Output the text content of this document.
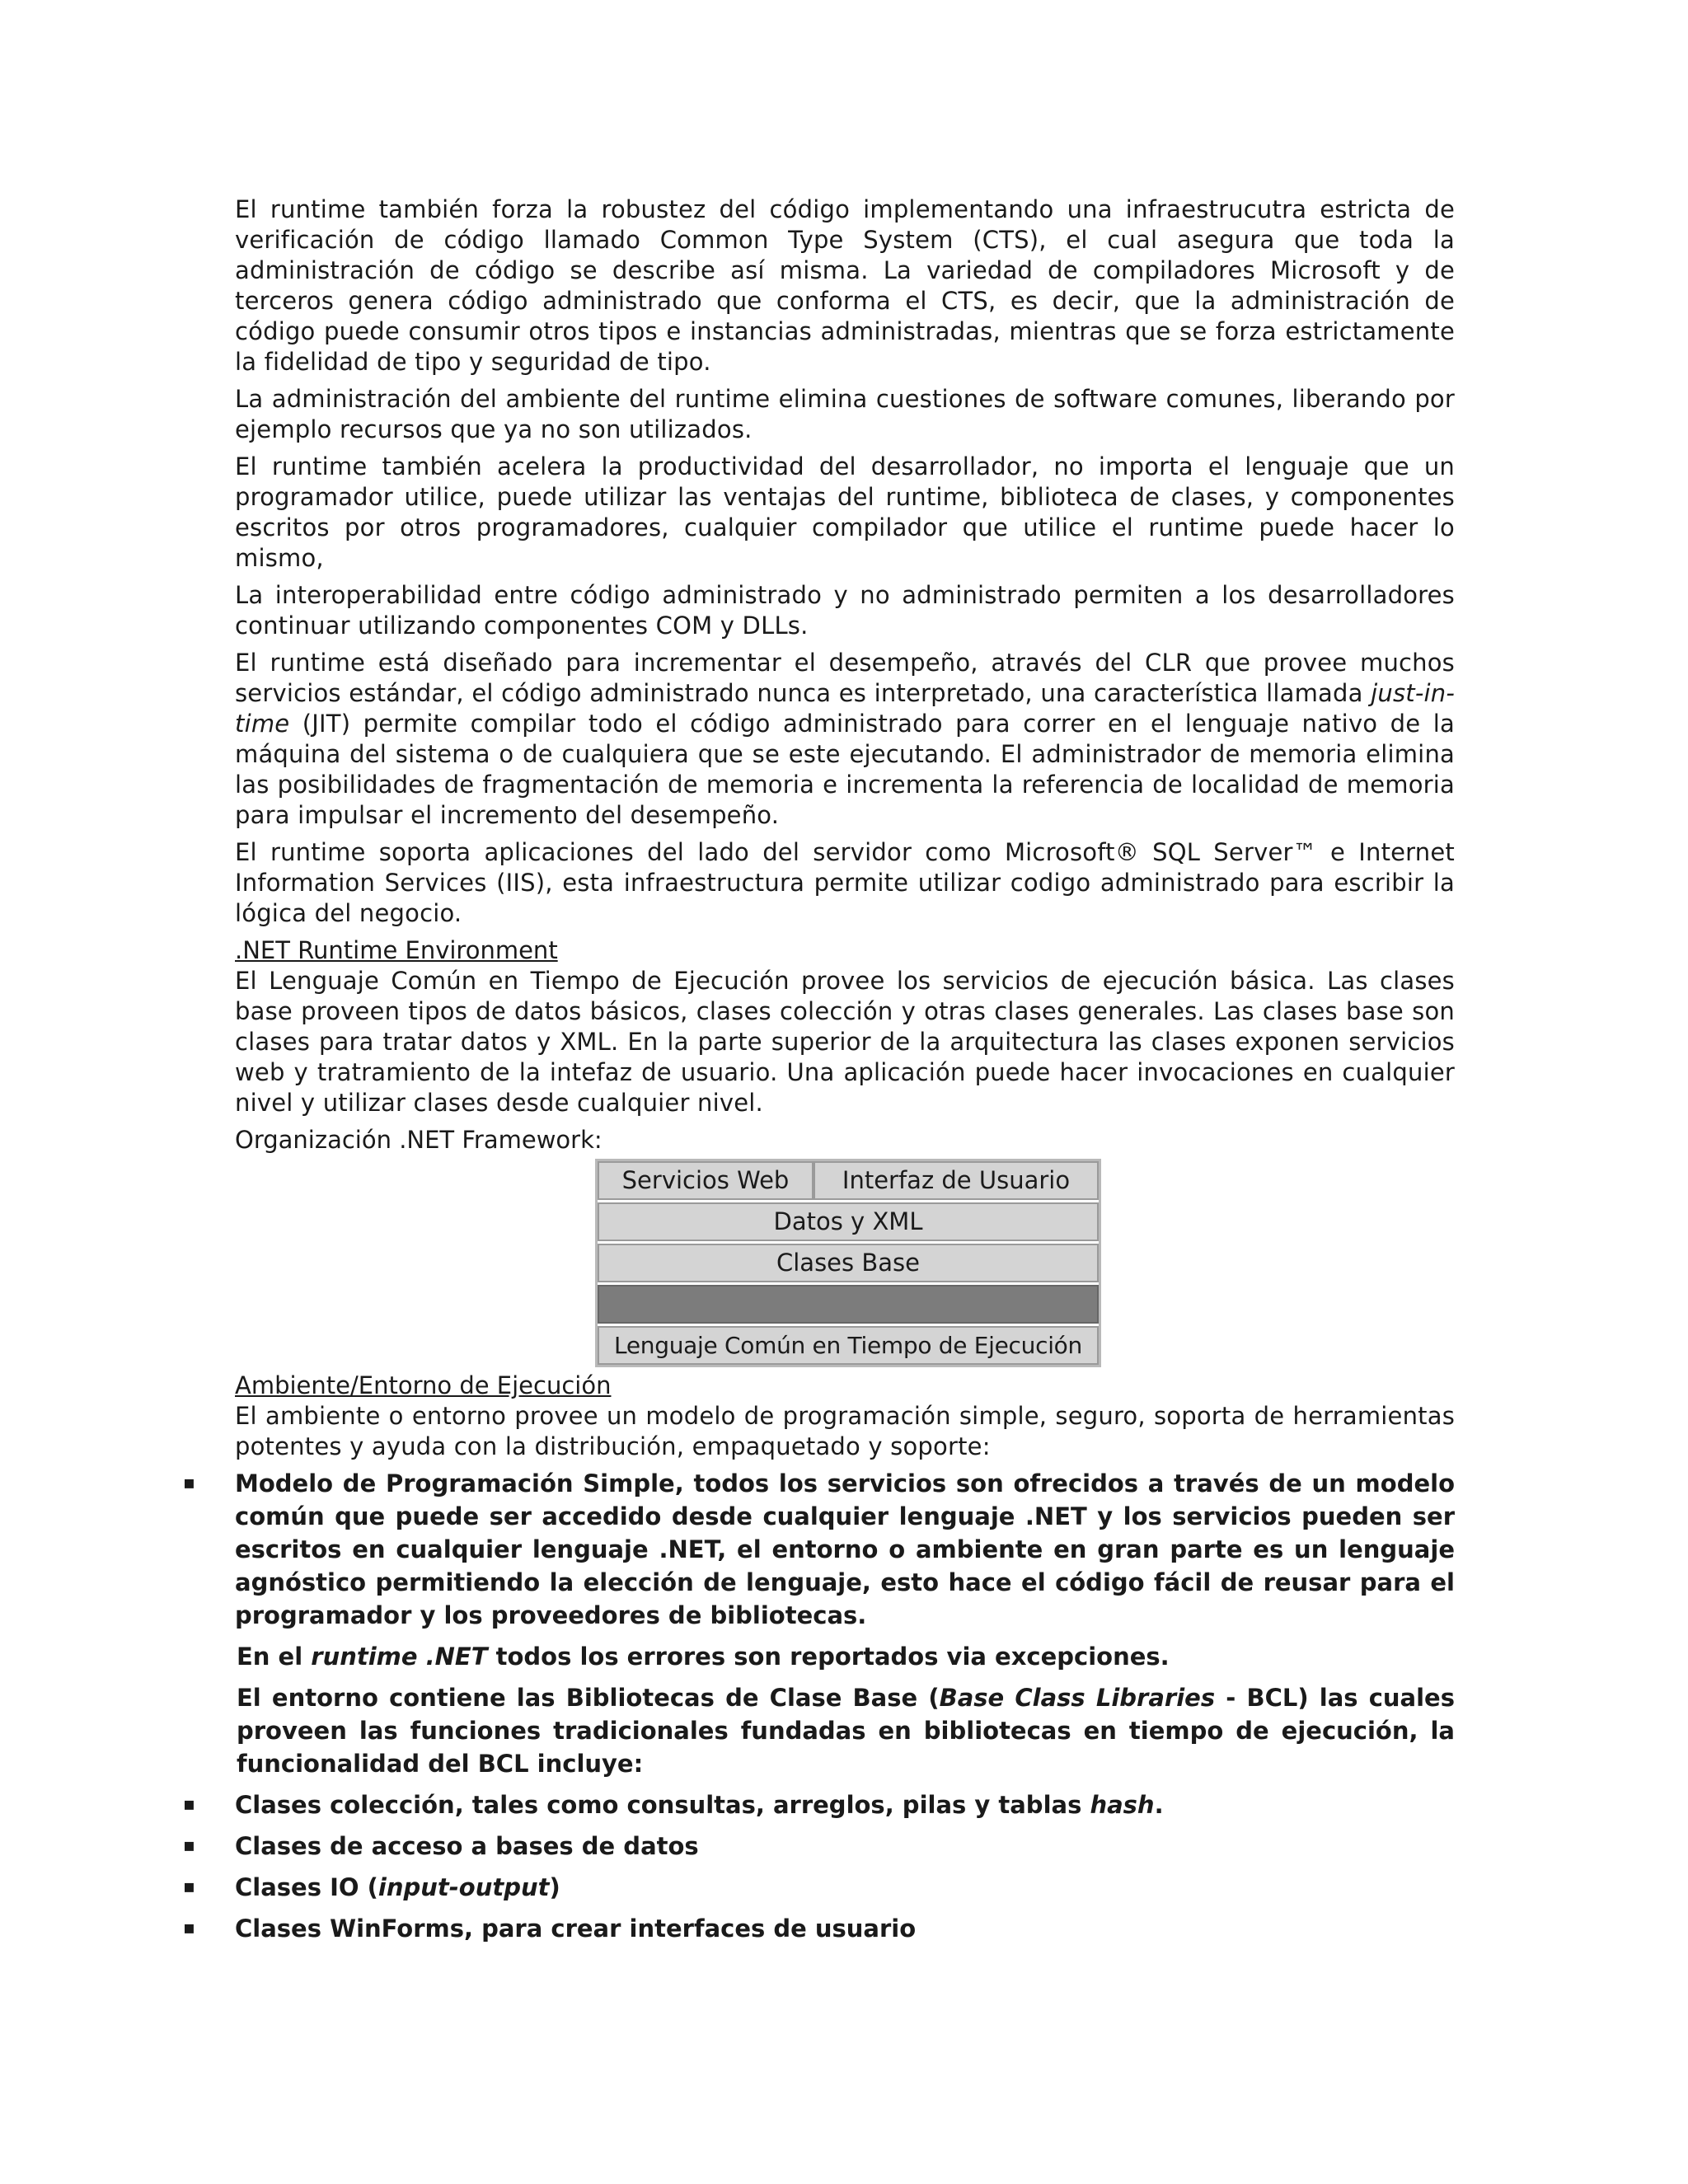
El runtime también forza la robustez del código implementando una infraestrucutra estricta de verificación de código llamado Common Type System (CTS), el cual asegura que toda la administración de código se describe así misma. La variedad de compiladores Microsoft y de terceros genera código administrado que conforma el CTS, es decir, que la administración de código puede consumir otros tipos e instancias administradas, mientras que se forza estrictamente la fidelidad de tipo y seguridad de tipo.

La administración del ambiente del runtime elimina cuestiones de software comunes, liberando por ejemplo recursos que ya no son utilizados.

El runtime también acelera la productividad del desarrollador, no importa el lenguaje que un programador utilice, puede utilizar las ventajas del runtime, biblioteca de clases, y componentes escritos por otros programadores, cualquier compilador que utilice el runtime puede hacer lo mismo,

La interoperabilidad entre código administrado y no administrado permiten a los desarrolladores continuar utilizando componentes COM y DLLs.

El runtime está diseñado para incrementar el desempeño, através del CLR que provee muchos servicios estándar, el código administrado nunca es interpretado, una característica llamada just-in-time (JIT) permite compilar todo el código administrado para correr en el lenguaje nativo de la máquina del sistema o de cualquiera que se este ejecutando. El administrador de memoria elimina las posibilidades de fragmentación de memoria e incrementa la referencia de localidad de memoria para impulsar el incremento del desempeño.

El runtime soporta aplicaciones del lado del servidor como Microsoft® SQL Server™ e Internet Information Services (IIS), esta infraestructura permite utilizar codigo administrado para escribir la lógica del negocio.

.NET Runtime Environment

El Lenguaje Común en Tiempo de Ejecución provee los servicios de ejecución básica. Las clases base proveen tipos de datos básicos, clases colección y otras clases generales. Las clases base son clases para tratar datos y XML. En la parte superior de la arquitectura las clases exponen servicios web y tratramiento de la intefaz de usuario. Una aplicación puede hacer invocaciones en cualquier nivel y utilizar clases desde cualquier nivel.

Organización .NET Framework:

Servicios Web	Interfaz de Usuario
Datos y XML
Clases Base
Lenguaje Común en Tiempo de Ejecución

Ambiente/Entorno de Ejecución

El ambiente o entorno provee un modelo de programación simple, seguro, soporta de herramientas potentes y ayuda con la distribución, empaquetado y soporte:

▪ Modelo de Programación Simple, todos los servicios son ofrecidos a través de un modelo común que puede ser accedido desde cualquier lenguaje .NET y los servicios pueden ser escritos en cualquier lenguaje .NET, el entorno o ambiente en gran parte es un lenguaje agnóstico permitiendo la elección de lenguaje, esto hace el código fácil de reusar para el programador y los proveedores de bibliotecas.

En el runtime .NET todos los errores son reportados via excepciones.

El entorno contiene las Bibliotecas de Clase Base (Base Class Libraries - BCL) las cuales proveen las funciones tradicionales fundadas en bibliotecas en tiempo de ejecución, la funcionalidad del BCL incluye:

▪ Clases colección, tales como consultas, arreglos, pilas y tablas hash.
▪ Clases de acceso a bases de datos
▪ Clases IO (input-output)
▪ Clases WinForms, para crear interfaces de usuario
